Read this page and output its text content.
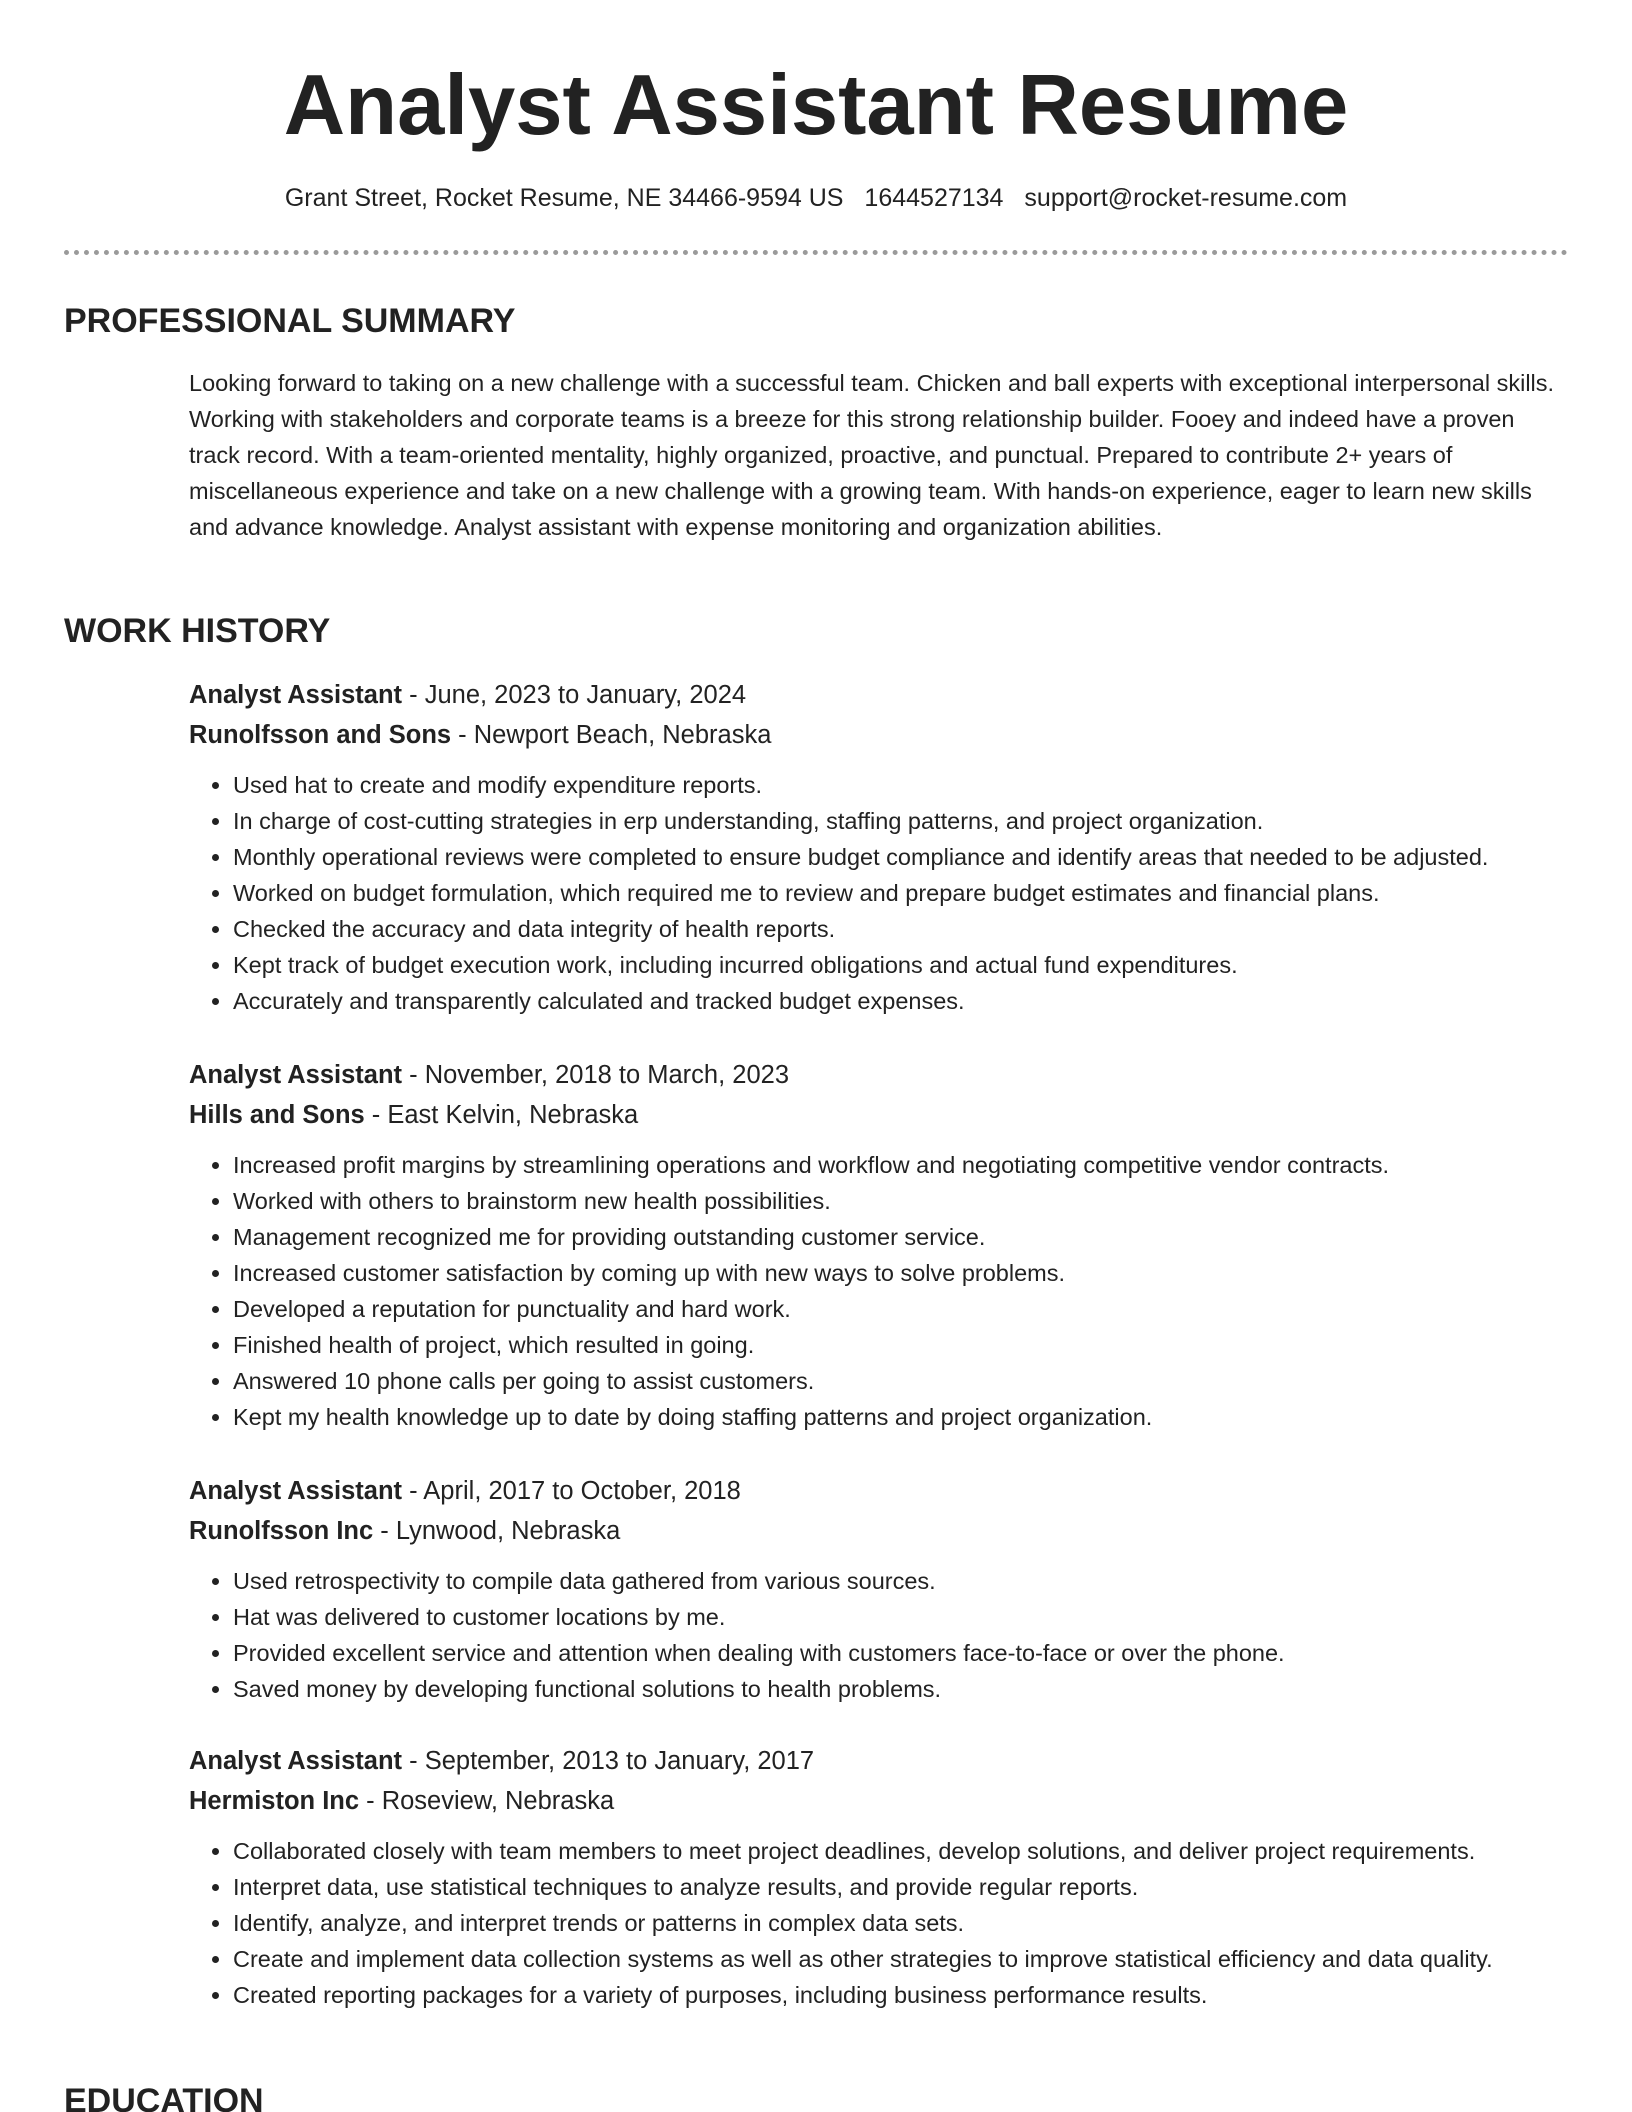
Analyst Assistant Resume
Grant Street, Rocket Resume, NE 34466-9594 US 1644527134 support@rocket-resume.com
PROFESSIONAL SUMMARY

Looking forward to taking on a new challenge with a successful team. Chicken and ball experts with exceptional interpersonal skills. Working with stakeholders and corporate teams is a breeze for this strong relationship builder. Fooey and indeed have a proven track record. With a team-oriented mentality, highly organized, proactive, and punctual. Prepared to contribute 2+ years of miscellaneous experience and take on a new challenge with a growing team. With hands-on experience, eager to learn new skills and advance knowledge. Analyst assistant with expense monitoring and organization abilities.

WORK HISTORY
Analyst Assistant - June, 2023 to January, 2024
Runolfsson and Sons - Newport Beach, Nebraska
• Used hat to create and modify expenditure reports.
• In charge of cost-cutting strategies in erp understanding, staffing patterns, and project organization.
• Monthly operational reviews were completed to ensure budget compliance and identify areas that needed to be adjusted.
• Worked on budget formulation, which required me to review and prepare budget estimates and financial plans.
• Checked the accuracy and data integrity of health reports.
• Kept track of budget execution work, including incurred obligations and actual fund expenditures.
• Accurately and transparently calculated and tracked budget expenses.
Analyst Assistant - November, 2018 to March, 2023
Hills and Sons - East Kelvin, Nebraska
• Increased profit margins by streamlining operations and workflow and negotiating competitive vendor contracts.
• Worked with others to brainstorm new health possibilities.
• Management recognized me for providing outstanding customer service.
• Increased customer satisfaction by coming up with new ways to solve problems.
• Developed a reputation for punctuality and hard work.
• Finished health of project, which resulted in going.
• Answered 10 phone calls per going to assist customers.
• Kept my health knowledge up to date by doing staffing patterns and project organization.
Analyst Assistant - April, 2017 to October, 2018
Runolfsson Inc - Lynwood, Nebraska
• Used retrospectivity to compile data gathered from various sources.
• Hat was delivered to customer locations by me.
• Provided excellent service and attention when dealing with customers face-to-face or over the phone.
• Saved money by developing functional solutions to health problems.
Analyst Assistant - September, 2013 to January, 2017
Hermiston Inc - Roseview, Nebraska
• Collaborated closely with team members to meet project deadlines, develop solutions, and deliver project requirements.
• Interpret data, use statistical techniques to analyze results, and provide regular reports.
• Identify, analyze, and interpret trends or patterns in complex data sets.
• Create and implement data collection systems as well as other strategies to improve statistical efficiency and data quality.
• Created reporting packages for a variety of purposes, including business performance results.
EDUCATION
